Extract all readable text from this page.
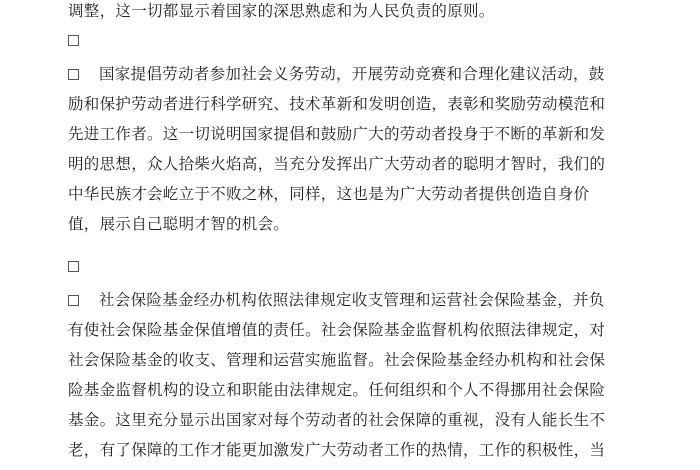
调整，这一切都显示着国家的深思熟虑和为人民负责的原则。
国家提倡劳动者参加社会义务劳动，开展劳动竞赛和合理化建议活动，鼓
励和保护劳动者进行科学研究、技术革新和发明创造，表彰和奖励劳动模范和
先进工作者。这一切说明国家提倡和鼓励广大的劳动者投身于不断的革新和发
明的思想，众人拾柴火焰高，当充分发挥出广大劳动者的聪明才智时，我们的
中华民族才会屹立于不败之林，同样，这也是为广大劳动者提供创造自身价
值，展示自己聪明才智的机会。
社会保险基金经办机构依照法律规定收支管理和运营社会保险基金，并负
有使社会保险基金保值增值的责任。社会保险基金监督机构依照法律规定，对
社会保险基金的收支、管理和运营实施监督。社会保险基金经办机构和社会保
险基金监督机构的设立和职能由法律规定。任何组织和个人不得挪用社会保险
基金。这里充分显示出国家对每个劳动者的社会保障的重视，没有人能长生不
老，有了保障的工作才能更加激发广大劳动者工作的热情，工作的积极性，当
